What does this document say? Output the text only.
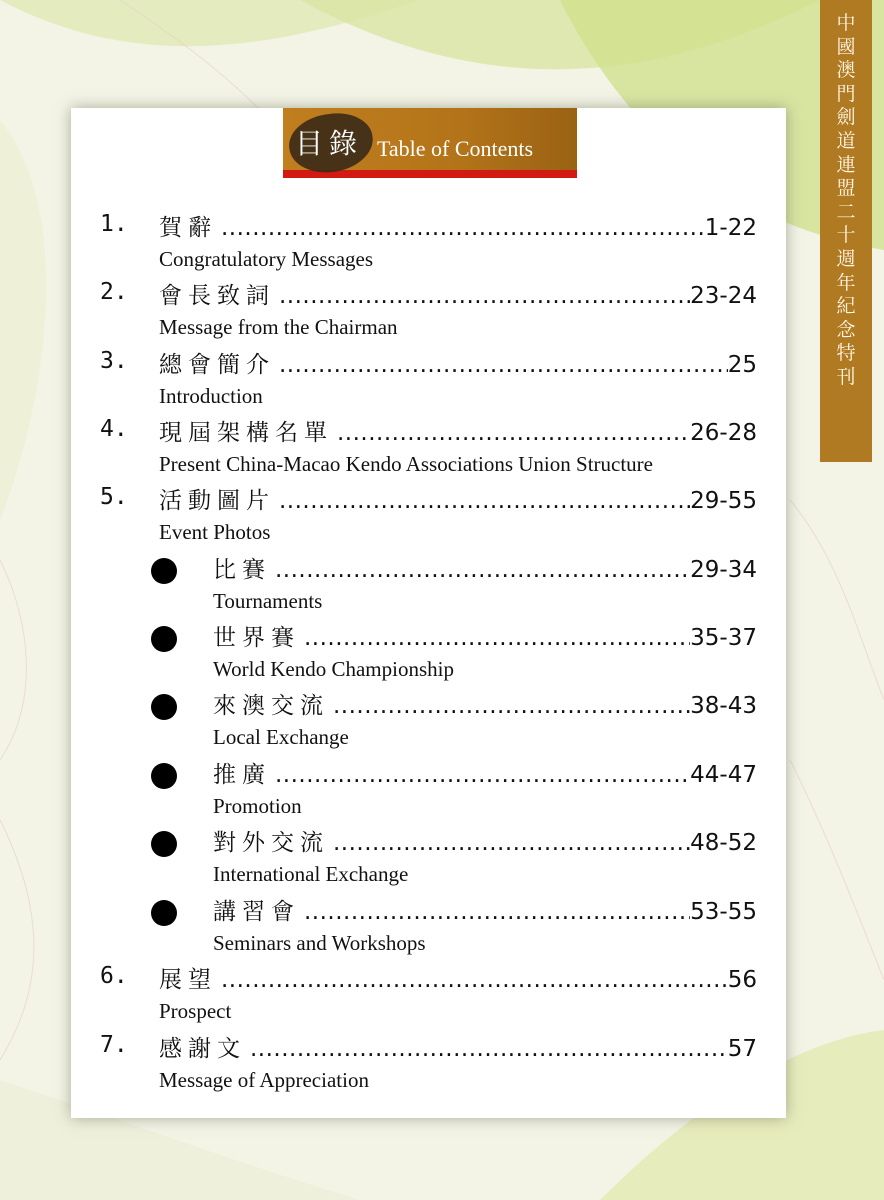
中
國
澳
門
劍
道
連
盟
二
十
週
年
紀
念
特
刊
目錄 Table of Contents
1. 賀辭 .....	1-22
Congratulatory Messages
2. 會長致詞 .....	23-24
Message from the Chairman
3. 總會簡介 .....	25
Introduction
4. 現屆架構名單 .....	26-28
Present China-Macao Kendo Associations Union Structure
5. 活動圖片 .....	29-55
Event Photos
比賽 .....	29-34
Tournaments
世界賽 .....	35-37
World Kendo Championship
來澳交流 .....	38-43
Local Exchange
推廣 .....	44-47
Promotion
對外交流 .....	48-52
International Exchange
講習會 .....	53-55
Seminars and Workshops
6. 展望 .....	56
Prospect
7. 感謝文 .....	57
Message of Appreciation
